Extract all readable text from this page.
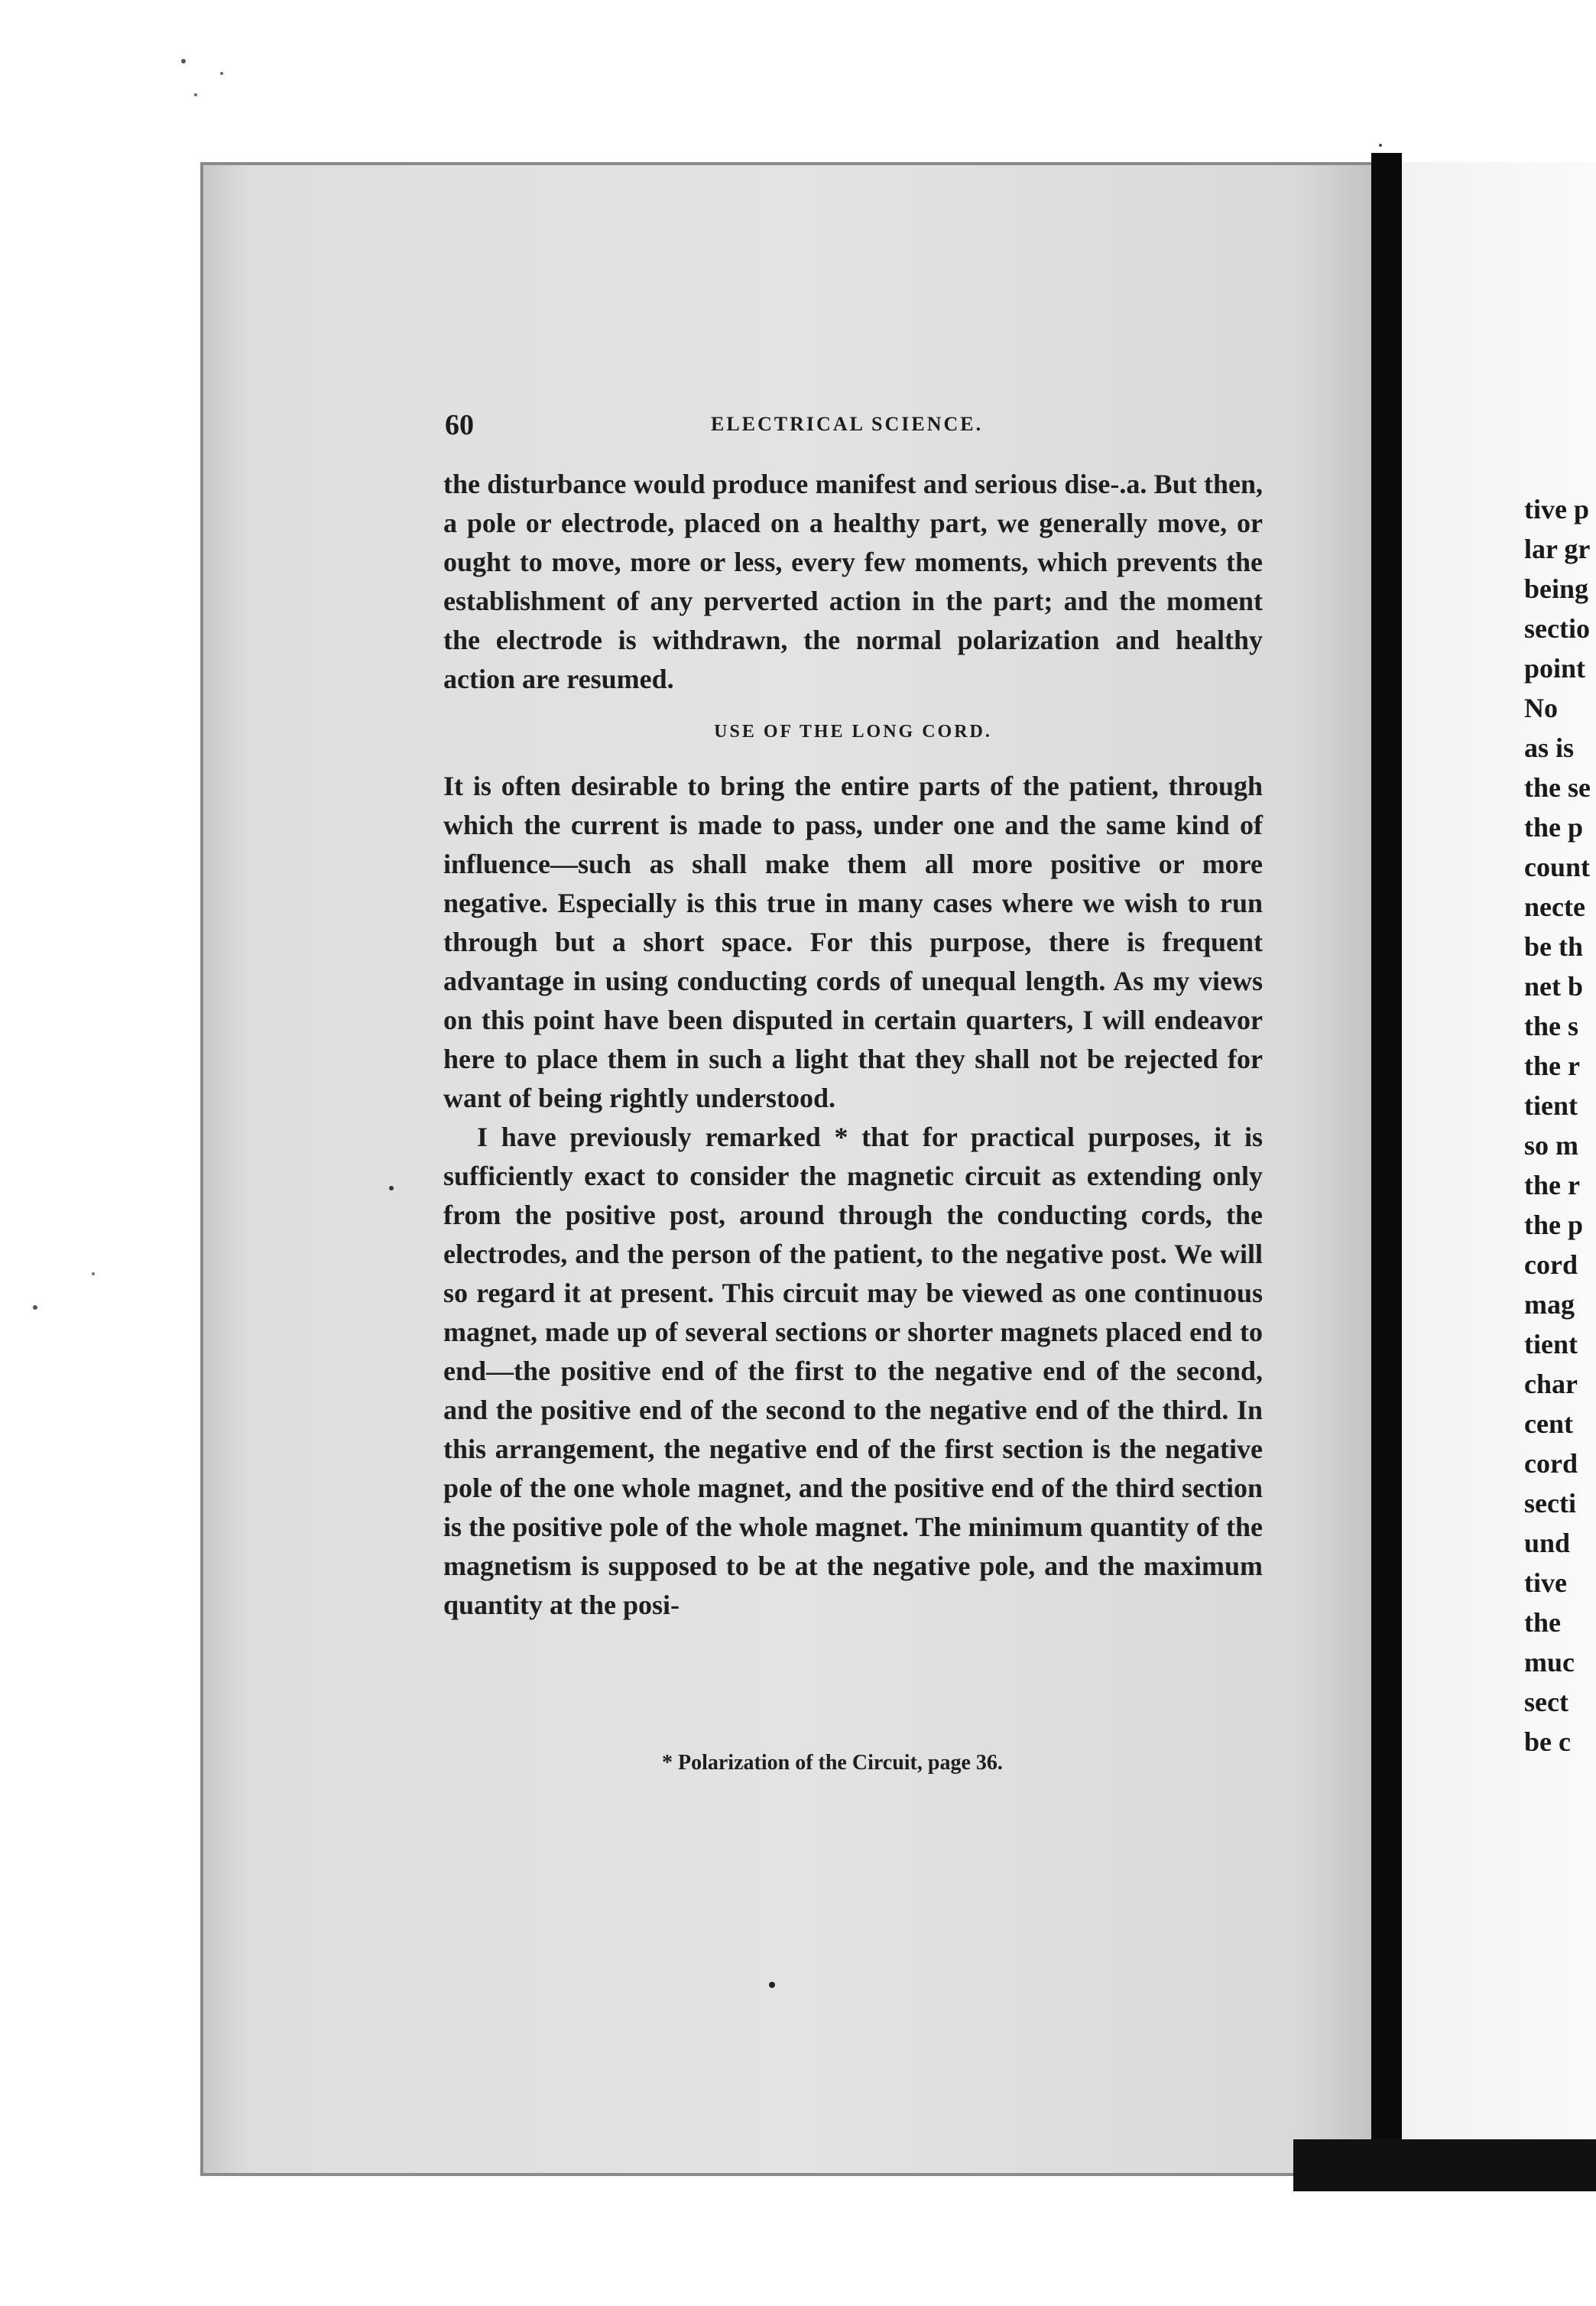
60	ELECTRICAL SCIENCE.

the disturbance would produce manifest and serious dise-.a. But then, a pole or electrode, placed on a healthy part, we generally move, or ought to move, more or less, every few moments, which prevents the establishment of any perverted action in the part; and the moment the electrode is withdrawn, the normal polarization and healthy action are resumed.

USE OF THE LONG CORD.

It is often desirable to bring the entire parts of the patient, through which the current is made to pass, under one and the same kind of influence—such as shall make them all more positive or more negative. Especially is this true in many cases where we wish to run through but a short space. For this purpose, there is frequent advantage in using conducting cords of unequal length. As my views on this point have been disputed in certain quarters, I will endeavor here to place them in such a light that they shall not be rejected for want of being rightly understood.

I have previously remarked * that for practical purposes, it is sufficiently exact to consider the magnetic circuit as extending only from the positive post, around through the conducting cords, the electrodes, and the person of the patient, to the negative post. We will so regard it at present. This circuit may be viewed as one continuous magnet, made up of several sections or shorter magnets placed end to end—the positive end of the first to the negative end of the second, and the positive end of the second to the negative end of the third. In this arrangement, the negative end of the first section is the negative pole of the one whole magnet, and the positive end of the third section is the positive pole of the whole magnet. The minimum quantity of the magnetism is supposed to be at the negative pole, and the maximum quantity at the posi-

* Polarization of the Circuit, page 36.
tive p
lar gr
being
sectio
point
No
as is
the se
the p
count
necte
be th
net b
the s
the r
tient
so m
the r
the p
cord
mag
tient
char
cent
cord
secti
und
tive
the
muc
sect
be c
